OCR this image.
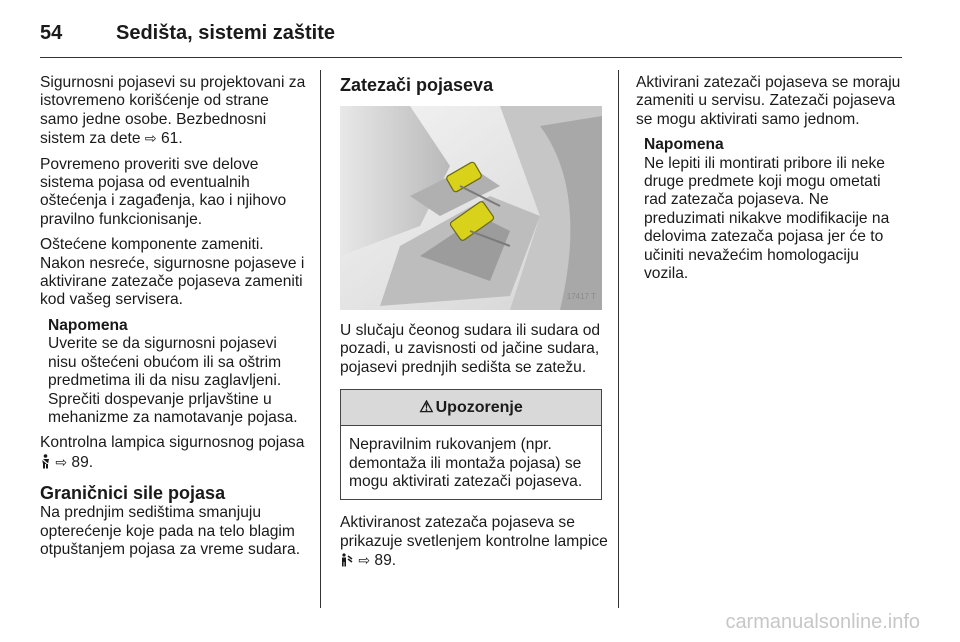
54	Sedišta, sistemi zaštite

Sigurnosni pojasevi su projektovani za istovremeno korišćenje od strane samo jedne osobe. Bezbednosni sistem za dete ⇨ 61.

Povremeno proveriti sve delove sistema pojasa od eventualnih oštećenja i zagađenja, kao i njihovo pravilno funkcionisanje.

Oštećene komponente zameniti. Nakon nesreće, sigurnosne pojaseve i aktivirane zatezače pojaseva zameniti kod vašeg servisera.

Napomena
Uverite se da sigurnosni pojasevi nisu oštećeni obućom ili sa oštrim predmetima ili da nisu zaglavljeni. Sprečiti dospevanje prljavštine u mehanizme za namotavanje pojasa.

Kontrolna lampica sigurnosnog pojasa  ⇨ 89.

Graničnici sile pojasa

Na prednjim sedištima smanjuju opterećenje koje pada na telo blagim otpuštanjem pojasa za vreme sudara.

Zatezači pojaseva
17417 T

U slučaju čeonog sudara ili sudara od pozadi, u zavisnosti od jačine sudara, pojasevi prednjih sedišta se zatežu.

⚠ Upozorenje
Nepravilnim rukovanjem (npr. demontaža ili montaža pojasa) se mogu aktivirati zatezači pojaseva.

Aktiviranost zatezača pojaseva se prikazuje svetlenjem kontrolne lampice  ⇨ 89.

Aktivirani zatezači pojaseva se moraju zameniti u servisu. Zatezači pojaseva se mogu aktivirati samo jednom.

Napomena
Ne lepiti ili montirati pribore ili neke druge predmete koji mogu ometati rad zatezača pojaseva. Ne preduzimati nikakve modifikacije na delovima zatezača pojasa jer će to učiniti nevažećim homologaciju vozila.
carmanualsonline.info
